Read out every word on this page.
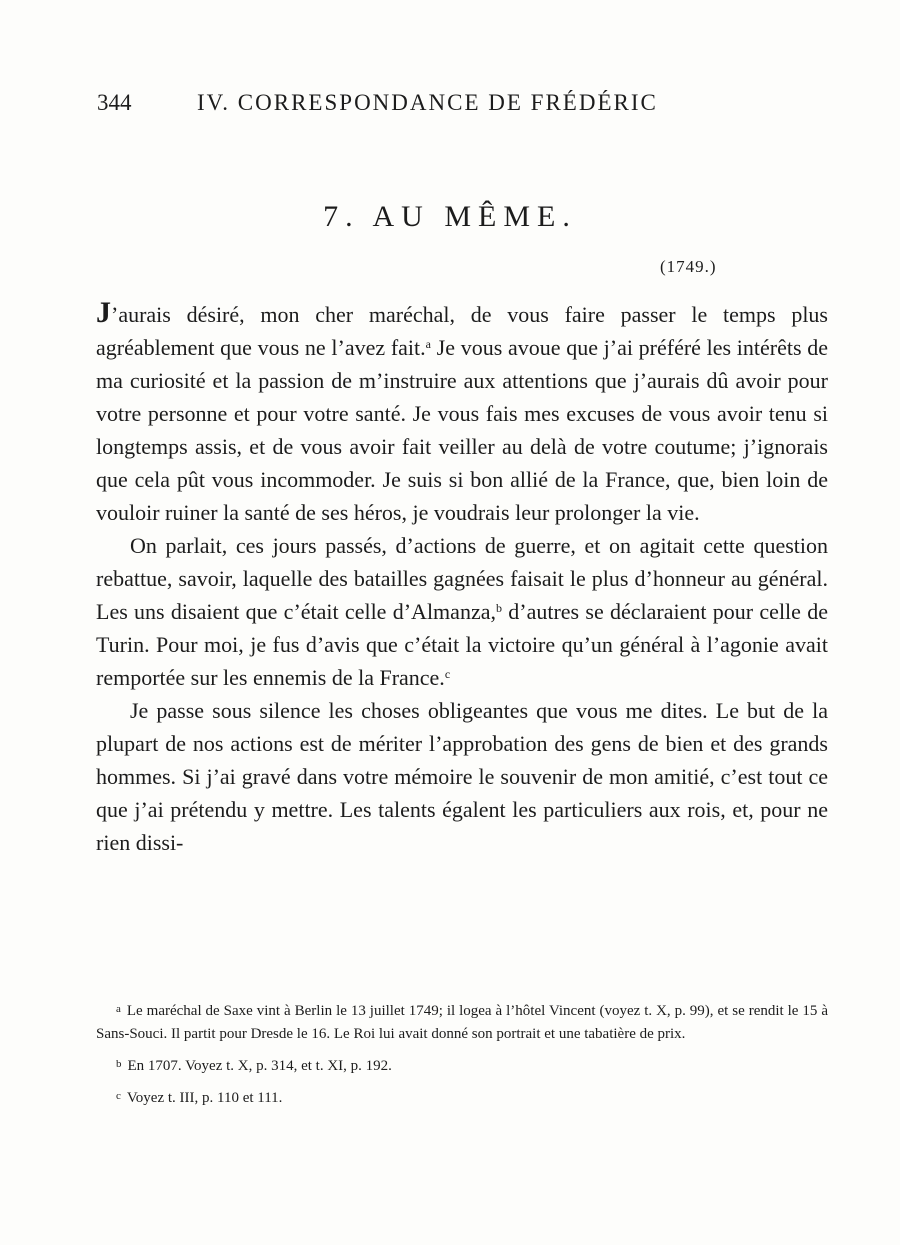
344	IV. CORRESPONDANCE DE FRÉDÉRIC
7. AU MÊME.
(1749.)

J’aurais désiré, mon cher maréchal, de vous faire passer le temps plus agréablement que vous ne l’avez fait.$^a$ Je vous avoue que j’ai préféré les intérêts de ma curiosité et la passion de m’instruire aux attentions que j’aurais dû avoir pour votre personne et pour votre santé. Je vous fais mes excuses de vous avoir tenu si longtemps assis, et de vous avoir fait veiller au delà de votre coutume; j’ignorais que cela pût vous incommoder. Je suis si bon allié de la France, que, bien loin de vouloir ruiner la santé de ses héros, je voudrais leur prolonger la vie.

On parlait, ces jours passés, d’actions de guerre, et on agitait cette question rebattue, savoir, laquelle des batailles gagnées faisait le plus d’honneur au général. Les uns disaient que c’était celle d’Almanza,$^b$ d’autres se déclaraient pour celle de Turin. Pour moi, je fus d’avis que c’était la victoire qu’un général à l’agonie avait remportée sur les ennemis de la France.$^c$

Je passe sous silence les choses obligeantes que vous me dites. Le but de la plupart de nos actions est de mériter l’approbation des gens de bien et des grands hommes. Si j’ai gravé dans votre mémoire le souvenir de mon amitié, c’est tout ce que j’ai prétendu y mettre. Les talents égalent les particuliers aux rois, et, pour ne rien dissi-

$^a$ Le maréchal de Saxe vint à Berlin le 13 juillet 1749; il logea à l’hôtel Vincent (voyez t. X, p. 99), et se rendit le 15 à Sans-Souci. Il partit pour Dresde le 16. Le Roi lui avait donné son portrait et une tabatière de prix.

$^b$ En 1707. Voyez t. X, p. 314, et t. XI, p. 192.

$^c$ Voyez t. III, p. 110 et 111.
